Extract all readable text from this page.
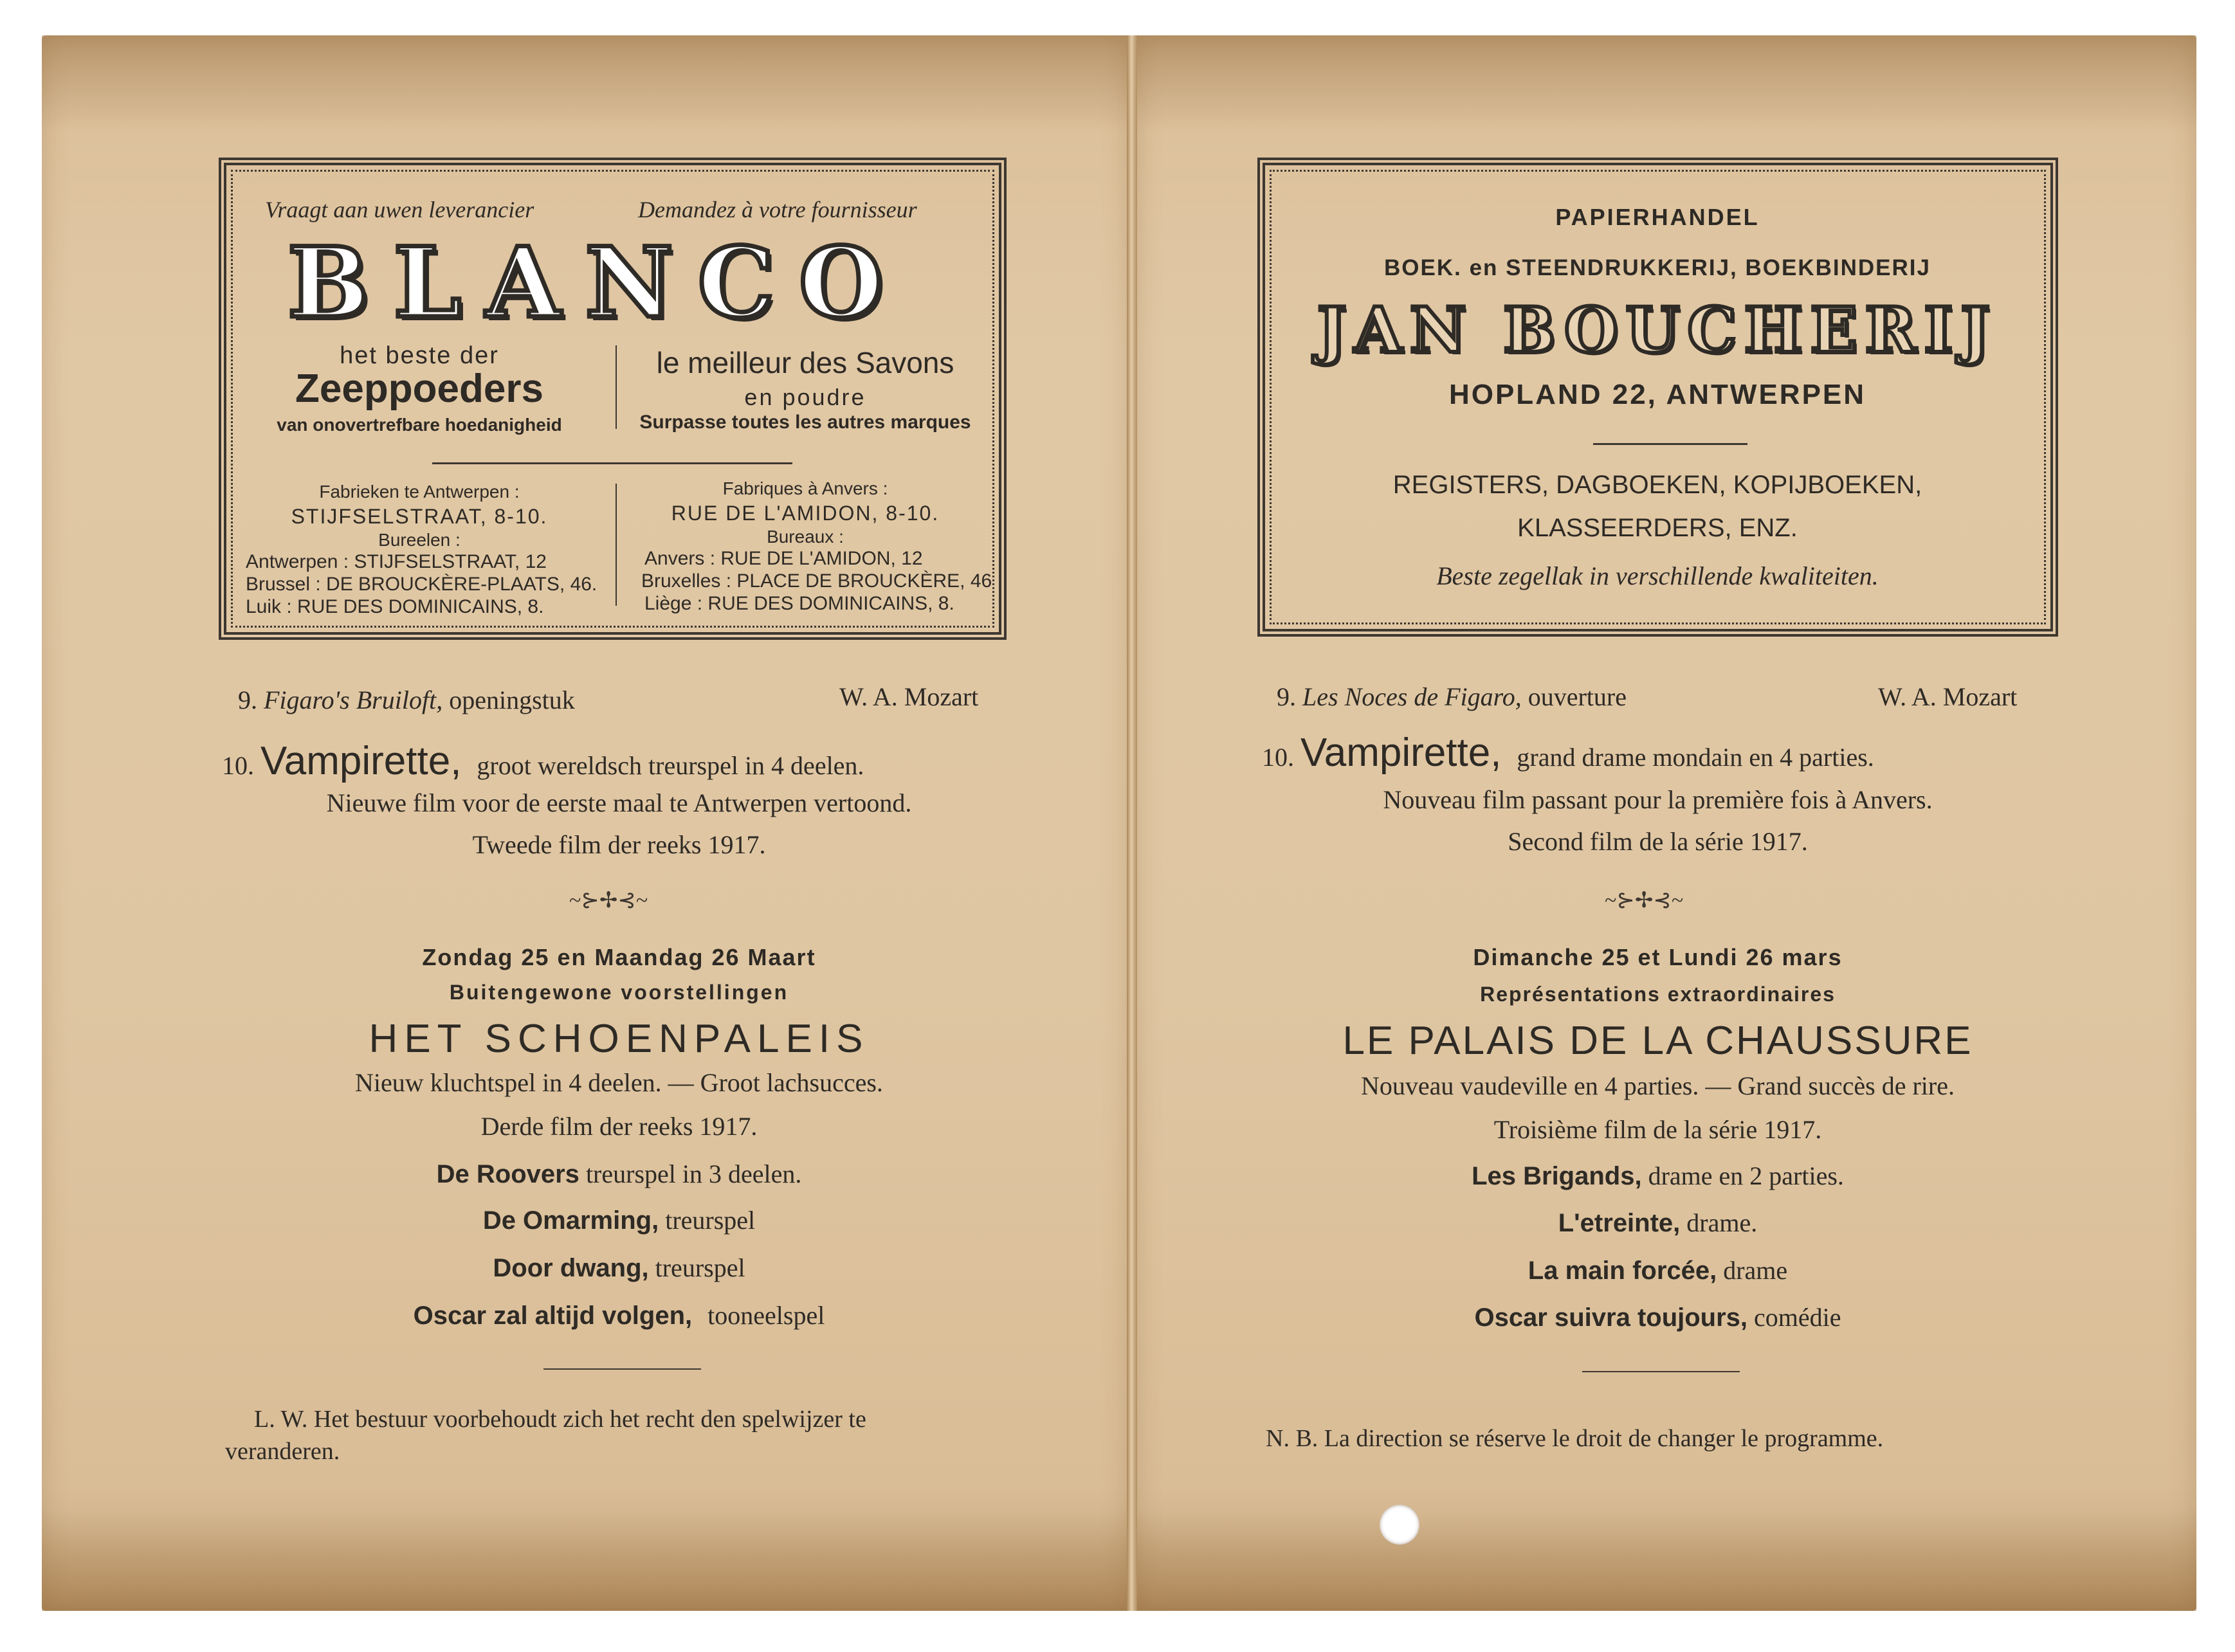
Vraagt aan uwen leverancier	Demandez à votre fournisseur
BLANCO
het beste der
Zeeppoeders
van onovertrefbare hoedanigheid
le meilleur des Savons
en poudre
Surpasse toutes les autres marques
Fabrieken te Antwerpen :
STIJFSELSTRAAT, 8-10.
Bureelen :
Antwerpen : STIJFSELSTRAAT, 12
Brussel : DE BROUCKÈRE-PLAATS, 46.
Luik : RUE DES DOMINICAINS, 8.
Fabriques à Anvers :
RUE DE L'AMIDON, 8-10.
Bureaux :
Anvers : RUE DE L'AMIDON, 12
Bruxelles : PLACE DE BROUCKÈRE, 46
Liège : RUE DES DOMINICAINS, 8.
PAPIERHANDEL
BOEK. en STEENDRUKKERIJ, BOEKBINDERIJ
JAN BOUCHERIJ
HOPLAND 22, ANTWERPEN
REGISTERS, DAGBOEKEN, KOPIJBOEKEN,
KLASSEERDERS, ENZ.
Beste zegellak in verschillende kwaliteiten.
9. Figaro's Bruiloft, openingstuk	W. A. Mozart
10. Vampirette, groot wereldsch treurspel in 4 deelen.
Nieuwe film voor de eerste maal te Antwerpen vertoond.
Tweede film der reeks 1917.
~⊱✢⊰~
Zondag 25 en Maandag 26 Maart
Buitengewone voorstellingen
HET SCHOENPALEIS
Nieuw kluchtspel in 4 deelen. — Groot lachsucces.
Derde film der reeks 1917.
De Roovers treurspel in 3 deelen.
De Omarming, treurspel
Door dwang, treurspel
Oscar zal altijd volgen, tooneelspel
L. W. Het bestuur voorbehoudt zich het recht den spelwijzer te
veranderen.
9. Les Noces de Figaro, ouverture	W. A. Mozart
10. Vampirette, grand drame mondain en 4 parties.
Nouveau film passant pour la première fois à Anvers.
Second film de la série 1917.
~⊱✢⊰~
Dimanche 25 et Lundi 26 mars
Représentations extraordinaires
LE PALAIS DE LA CHAUSSURE
Nouveau vaudeville en 4 parties. — Grand succès de rire.
Troisième film de la série 1917.
Les Brigands, drame en 2 parties.
L'etreinte, drame.
La main forcée, drame
Oscar suivra toujours, comédie
N. B. La direction se réserve le droit de changer le programme.
